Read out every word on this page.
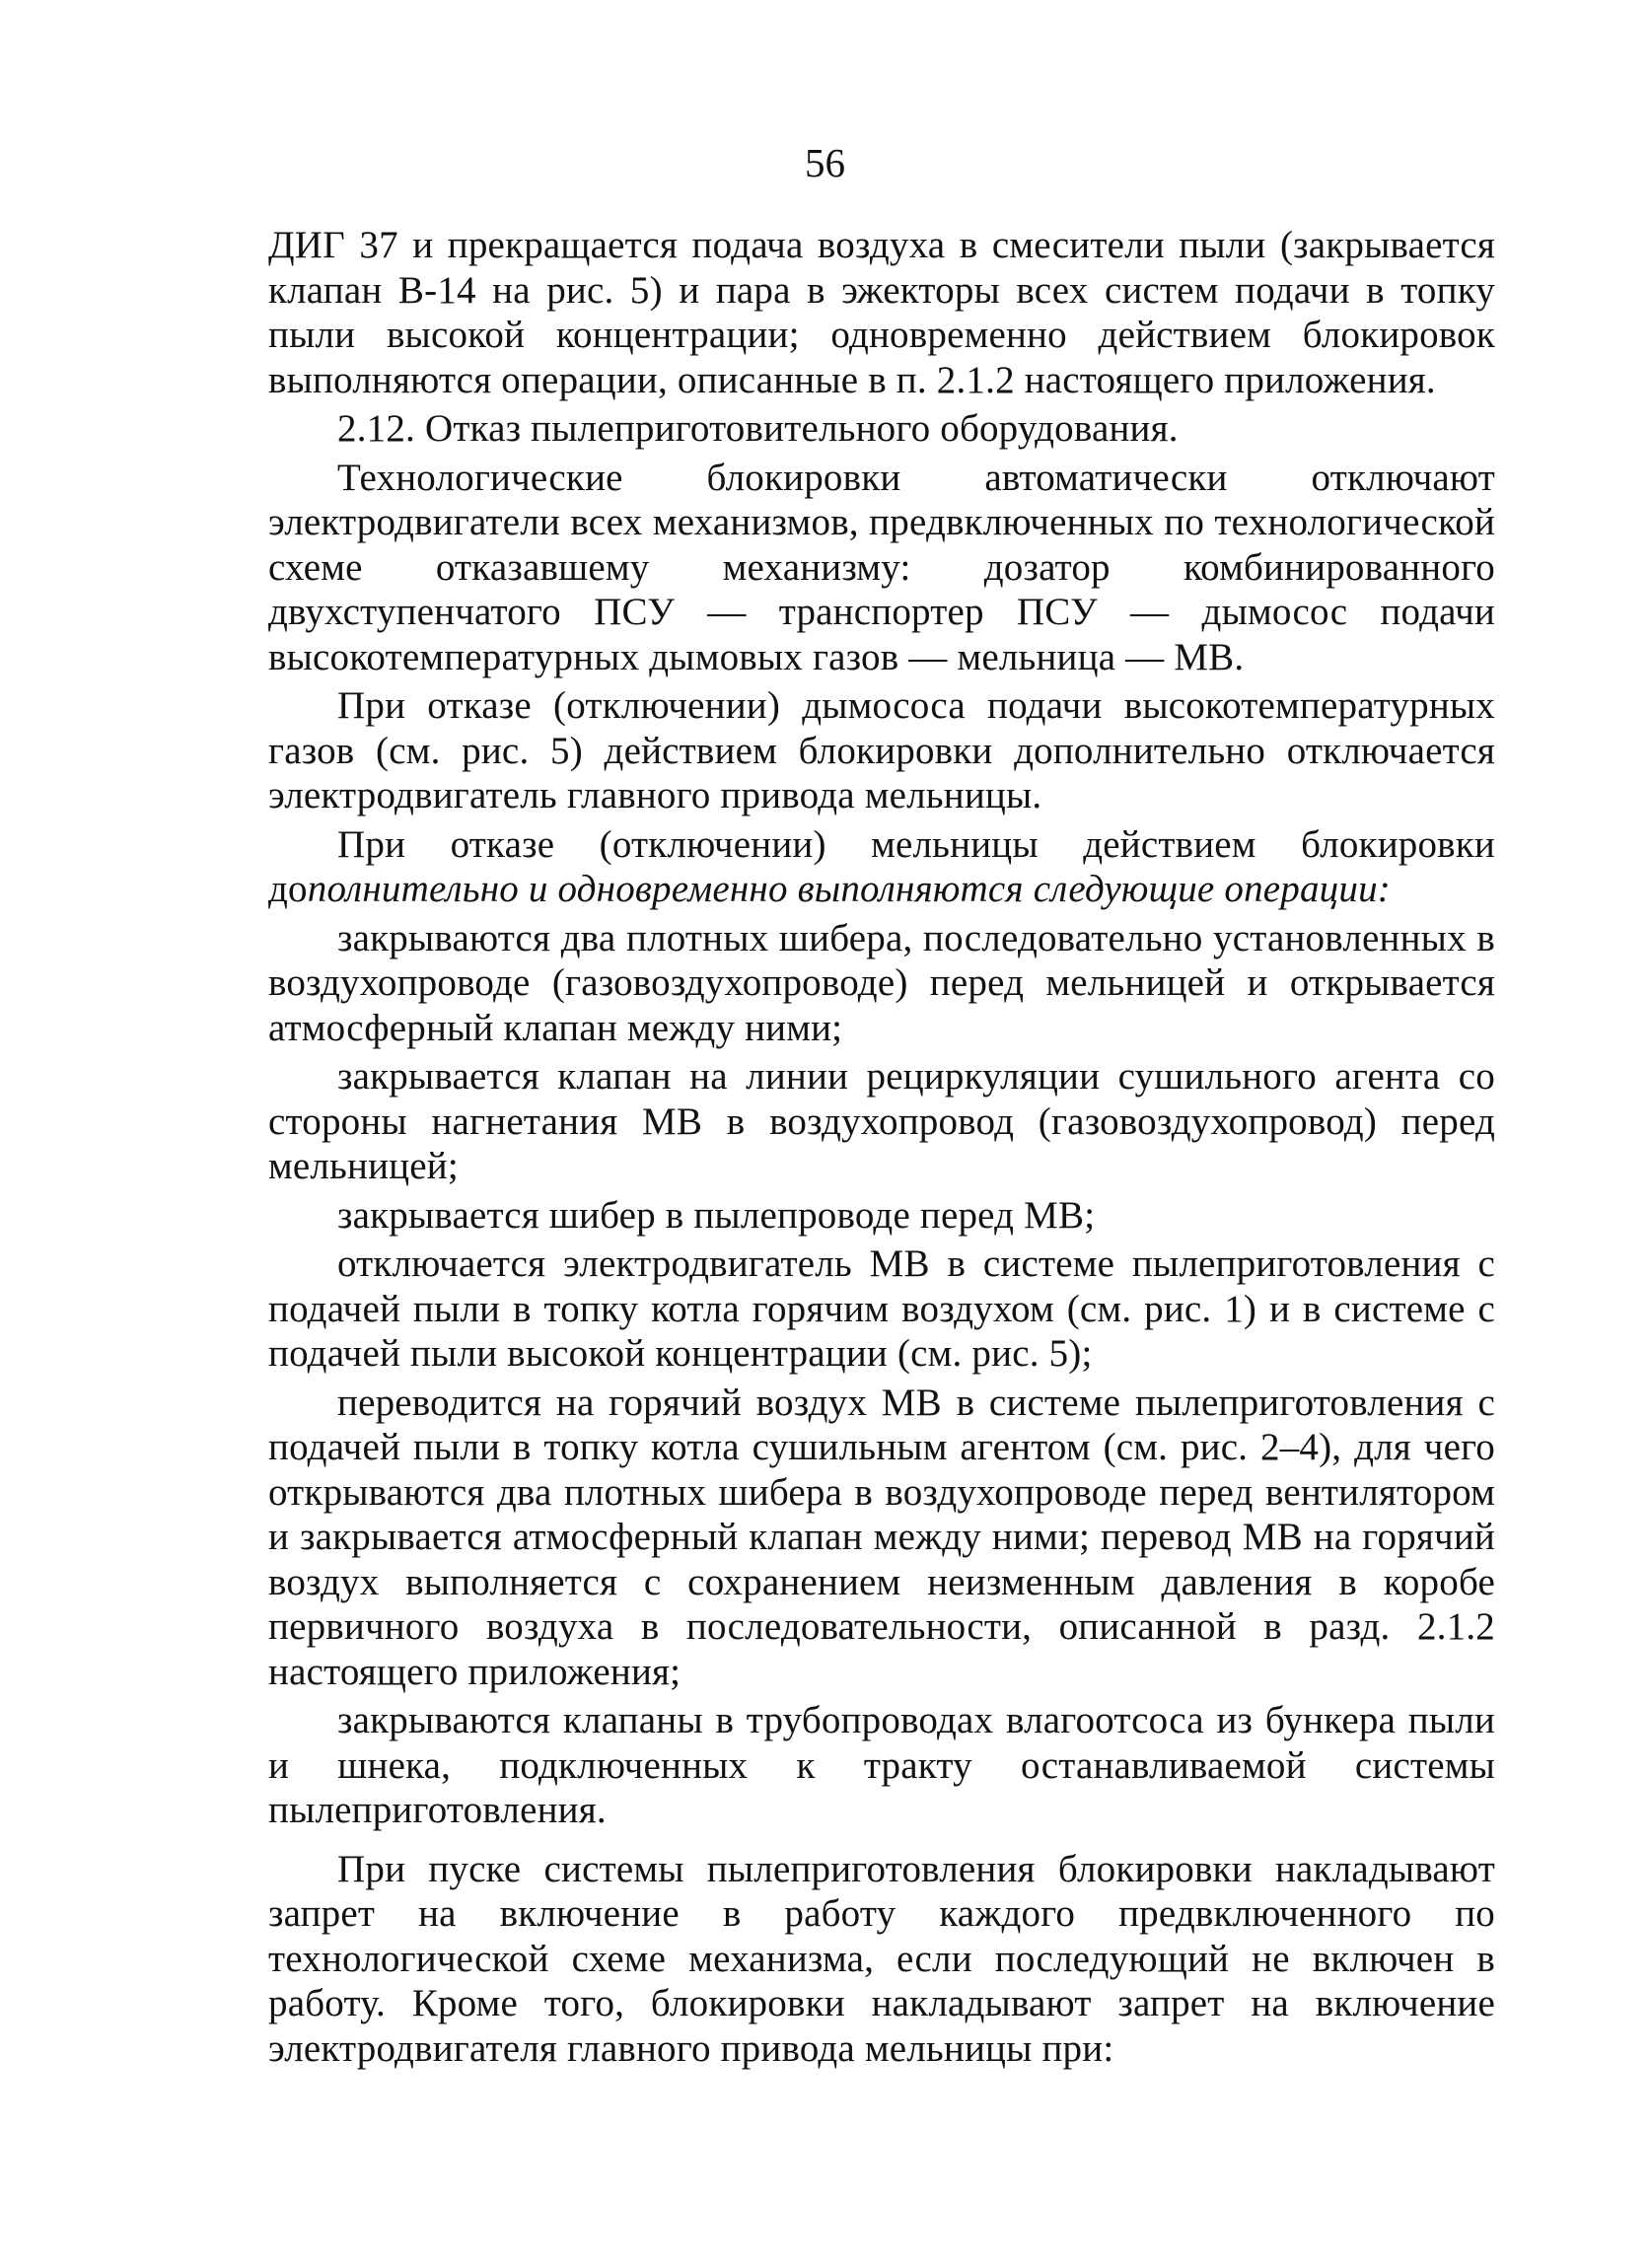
56

ДИГ 37 и прекращается подача воздуха в смесители пыли (закрывается клапан В-14 на рис. 5) и пара в эжекторы всех систем подачи в топку пыли высокой концентрации; одновременно действием блокировок выполняются операции, описанные в п. 2.1.2 настоящего приложения.

2.12. Отказ пылеприготовительного оборудования.

Технологические блокировки автоматически отключают электродвигатели всех механизмов, предвключенных по технологической схеме отказавшему механизму: дозатор комбинированного двухступенчатого ПСУ — транспортер ПСУ — дымосос подачи высокотемпературных дымовых газов — мельница — МВ.

При отказе (отключении) дымососа подачи высокотемпературных газов (см. рис. 5) действием блокировки дополнительно отключается электродвигатель главного привода мельницы.

При отказе (отключении) мельницы действием блокировки дополнительно и одновременно выполняются следующие операции:

закрываются два плотных шибера, последовательно установленных в воздухопроводе (газовоздухопроводе) перед мельницей и открывается атмосферный клапан между ними;

закрывается клапан на линии рециркуляции сушильного агента со стороны нагнетания МВ в воздухопровод (газовоздухопровод) перед мельницей;

закрывается шибер в пылепроводе перед МВ;

отключается электродвигатель МВ в системе пылеприготовления с подачей пыли в топку котла горячим воздухом (см. рис. 1) и в системе с подачей пыли высокой концентрации (см. рис. 5);

переводится на горячий воздух МВ в системе пылеприготовления с подачей пыли в топку котла сушильным агентом (см. рис. 2–4), для чего открываются два плотных шибера в воздухопроводе перед вентилятором и закрывается атмосферный клапан между ними; перевод МВ на горячий воздух выполняется с сохранением неизменным давления в коробе первичного воздуха в последовательности, описанной в разд. 2.1.2 настоящего приложения;

закрываются клапаны в трубопроводах влагоотсоса из бункера пыли и шнека, подключенных к тракту останавливаемой системы пылеприготовления.

При пуске системы пылеприготовления блокировки накладывают запрет на включение в работу каждого предвключенного по технологической схеме механизма, если последующий не включен в работу. Кроме того, блокировки накладывают запрет на включение электродвигателя главного привода мельницы при:
